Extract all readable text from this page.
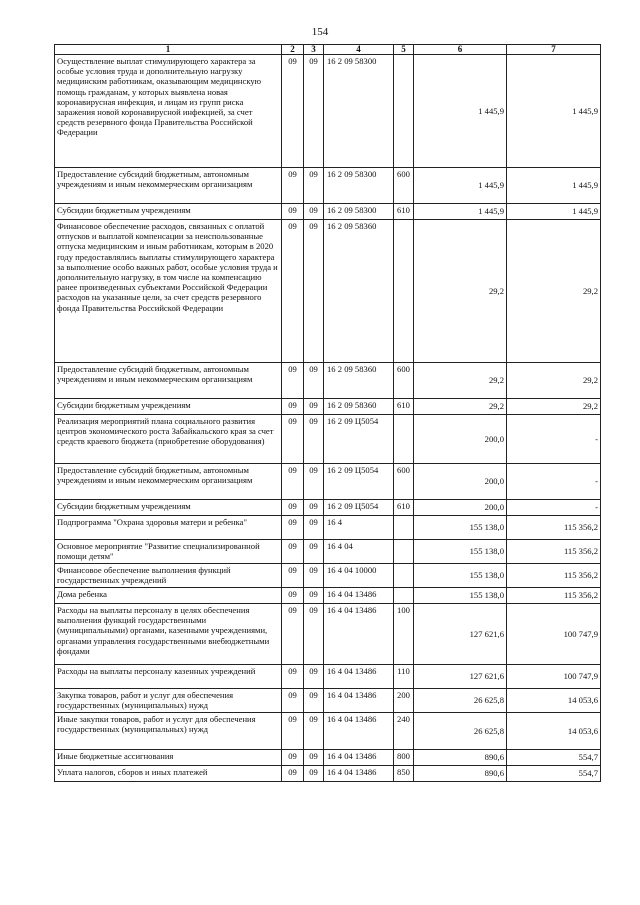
154
1	2	3	4	5	6	7
Осуществление выплат стимулирующего характера за особые условия труда и дополнительную нагрузку медицинским работникам, оказывающим медицинскую помощь гражданам, у которых выявлена новая коронавирусная инфекция, и лицам из групп риска заражения новой коронавирусной инфекцией, за счет средств резервного фонда Правительства Российской Федерации	09	09	16 2 09 58300		1 445,9	1 445,9
Предоставление субсидий бюджетным, автономным учреждениям и иным некоммерческим организациям	09	09	16 2 09 58300	600	1 445,9	1 445,9
Субсидии бюджетным учреждениям	09	09	16 2 09 58300	610	1 445,9	1 445,9
Финансовое обеспечение расходов, связанных с оплатой отпусков и выплатой компенсации за неиспользованные отпуска медицинским и иным работникам, которым в 2020 году предоставлялись выплаты стимулирующего характера за выполнение особо важных работ, особые условия труда и дополнительную нагрузку, в том числе на компенсацию ранее произведенных субъектами Российской Федерации расходов на указанные цели, за счет средств резервного фонда Правительства Российской Федерации	09	09	16 2 09 58360		29,2	29,2
Предоставление субсидий бюджетным, автономным учреждениям и иным некоммерческим организациям	09	09	16 2 09 58360	600	29,2	29,2
Субсидии бюджетным учреждениям	09	09	16 2 09 58360	610	29,2	29,2
Реализация мероприятий плана социального развития центров экономического роста Забайкальского края за счет средств краевого бюджета (приобретение оборудования)	09	09	16 2 09 Ц5054		200,0	-
Предоставление субсидий бюджетным, автономным учреждениям и иным некоммерческим организациям	09	09	16 2 09 Ц5054	600	200,0	-
Субсидии бюджетным учреждениям	09	09	16 2 09 Ц5054	610	200,0	-
Подпрограмма "Охрана здоровья матери и ребенка"	09	09	16 4		155 138,0	115 356,2
Основное мероприятие "Развитие специализированной помощи детям"	09	09	16 4 04		155 138,0	115 356,2
Финансовое обеспечение выполнения функций государственных учреждений	09	09	16 4 04 10000		155 138,0	115 356,2
Дома ребенка	09	09	16 4 04 13486		155 138,0	115 356,2
Расходы на выплаты персоналу в целях обеспечения выполнения функций государственными (муниципальными) органами, казенными учреждениями, органами управления государственными внебюджетными фондами	09	09	16 4 04 13486	100	127 621,6	100 747,9
Расходы на выплаты персоналу казенных учреждений	09	09	16 4 04 13486	110	127 621,6	100 747,9
Закупка товаров, работ и услуг для обеспечения государственных (муниципальных) нужд	09	09	16 4 04 13486	200	26 625,8	14 053,6
Иные закупки товаров, работ и услуг для обеспечения государственных (муниципальных) нужд	09	09	16 4 04 13486	240	26 625,8	14 053,6
Иные бюджетные ассигнования	09	09	16 4 04 13486	800	890,6	554,7
Уплата налогов, сборов и иных платежей	09	09	16 4 04 13486	850	890,6	554,7
